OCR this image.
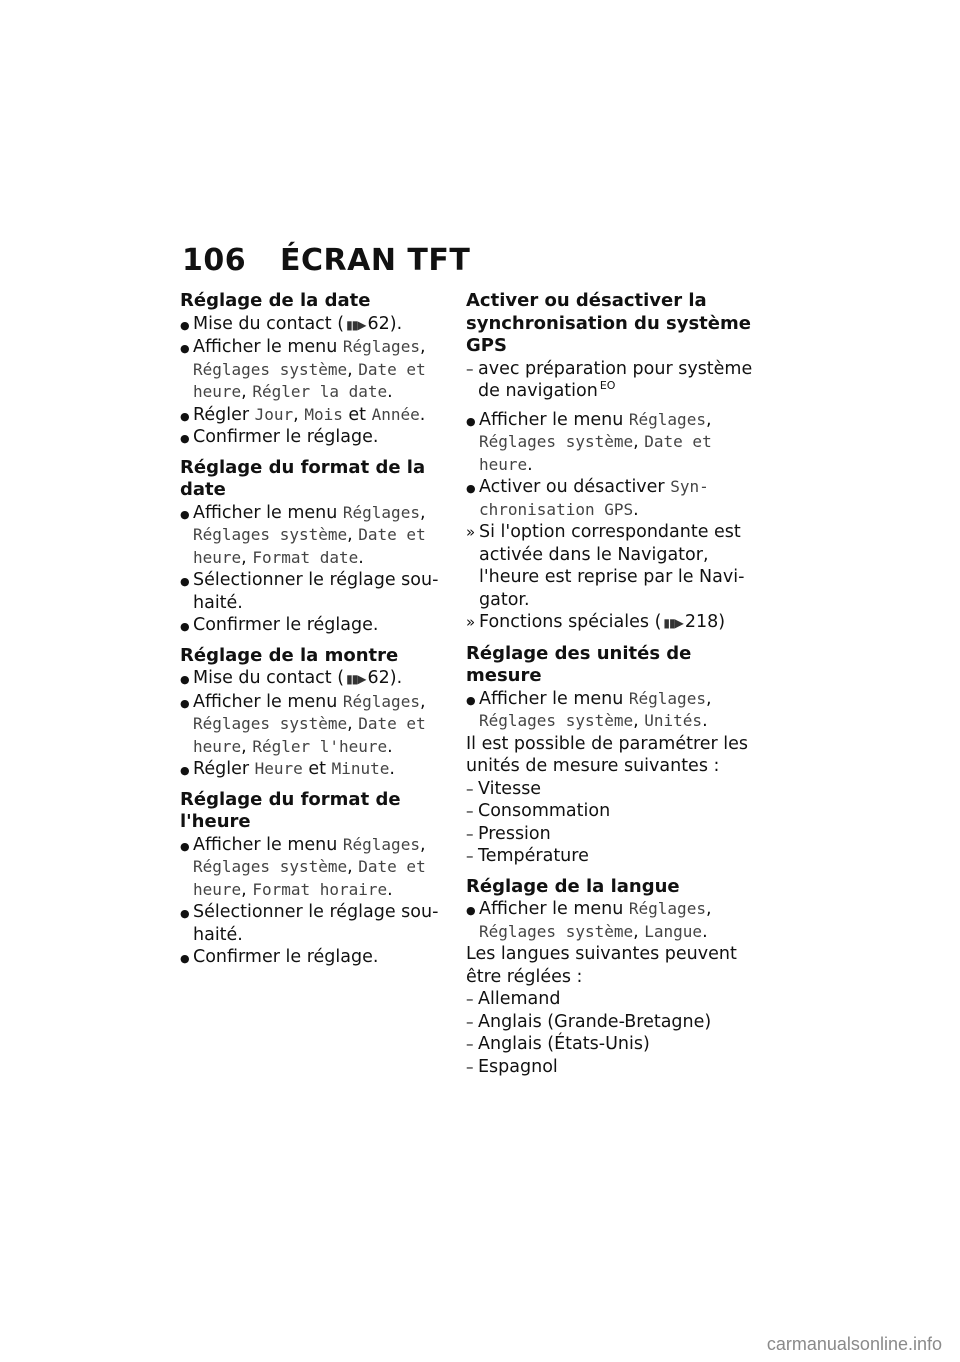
106 ÉCRAN TFT

Réglage de la date

● Mise du contact ( ▮▮▶ 62).
● Afficher le menu Réglages, Réglages système, Date et heure, Régler la date.
● Régler Jour, Mois et Année.
● Confirmer le réglage.

Réglage du format de la date

● Afficher le menu Réglages, Réglages système, Date et heure, Format date.
● Sélectionner le réglage souhaité.
● Confirmer le réglage.

Réglage de la montre

● Mise du contact ( ▮▮▶ 62).
● Afficher le menu Réglages, Réglages système, Date et heure, Régler l'heure.
● Régler Heure et Minute.

Réglage du format de l'heure

● Afficher le menu Réglages, Réglages système, Date et heure, Format horaire.
● Sélectionner le réglage souhaité.
● Confirmer le réglage.

Activer ou désactiver la synchronisation du système GPS

– avec préparation pour système de navigation $^{EO}$
● Afficher le menu Réglages, Réglages système, Date et heure.
● Activer ou désactiver Synchronisation GPS.
» Si l'option correspondante est activée dans le Navigator, l'heure est reprise par le Navigator.
» Fonctions spéciales ( ▮▮▶ 218)

Réglage des unités de mesure

● Afficher le menu Réglages, Réglages système, Unités.
Il est possible de paramétrer les unités de mesure suivantes :
– Vitesse
– Consommation
– Pression
– Température

Réglage de la langue

● Afficher le menu Réglages, Réglages système, Langue.
Les langues suivantes peuvent être réglées :
– Allemand
– Anglais (Grande-Bretagne)
– Anglais (États-Unis)
– Espagnol
carmanualsonline.info
